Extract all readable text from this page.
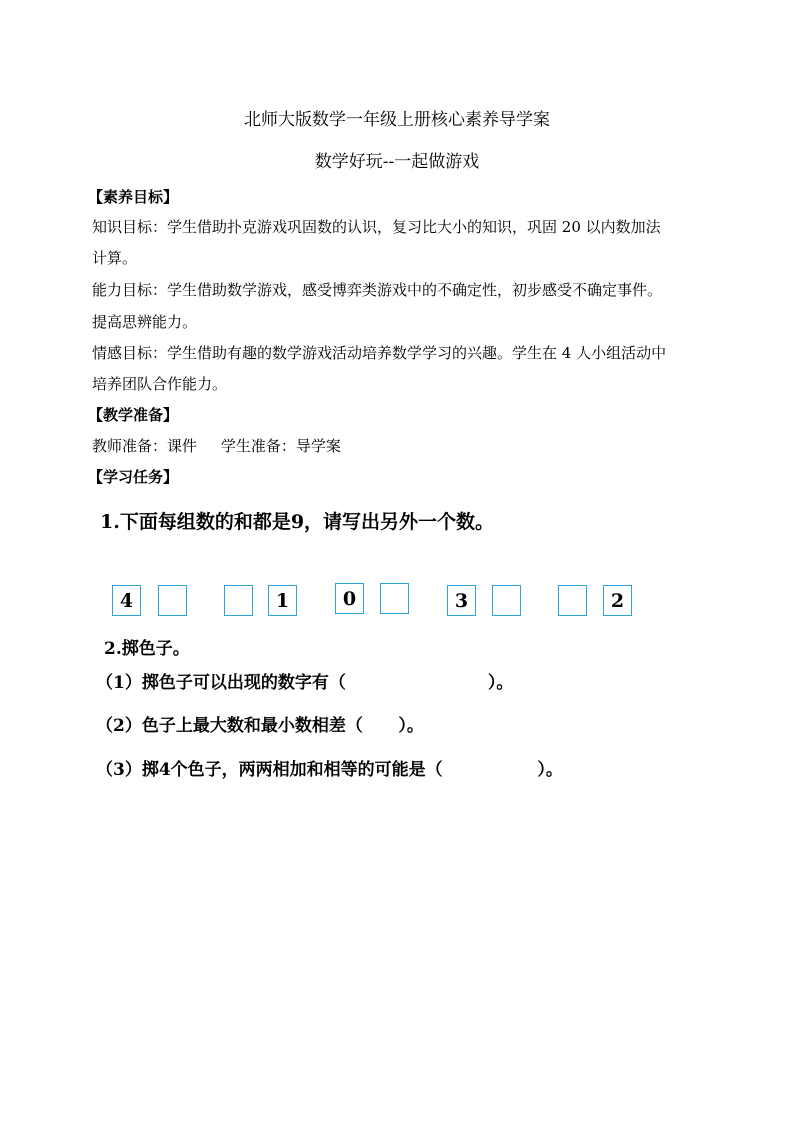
北师大版数学一年级上册核心素养导学案
数学好玩--一起做游戏
【素养目标】
知识目标：学生借助扑克游戏巩固数的认识，复习比大小的知识，巩固 20 以内数加法
计算。
能力目标：学生借助数学游戏，感受博弈类游戏中的不确定性，初步感受不确定事件。
提高思辨能力。
情感目标：学生借助有趣的数学游戏活动培养数学学习的兴趣。学生在 4 人小组活动中
培养团队合作能力。
【教学准备】
教师准备：课件     学生准备：导学案
【学习任务】
1.下面每组数的和都是9，请写出另外一个数。
4	1	0	3	2
2.掷色子。
（1）掷色子可以出现的数字有（                        ）。
（2）色子上最大数和最小数相差（      ）。
（3）掷4个色子，两两相加和相等的可能是（                ）。
